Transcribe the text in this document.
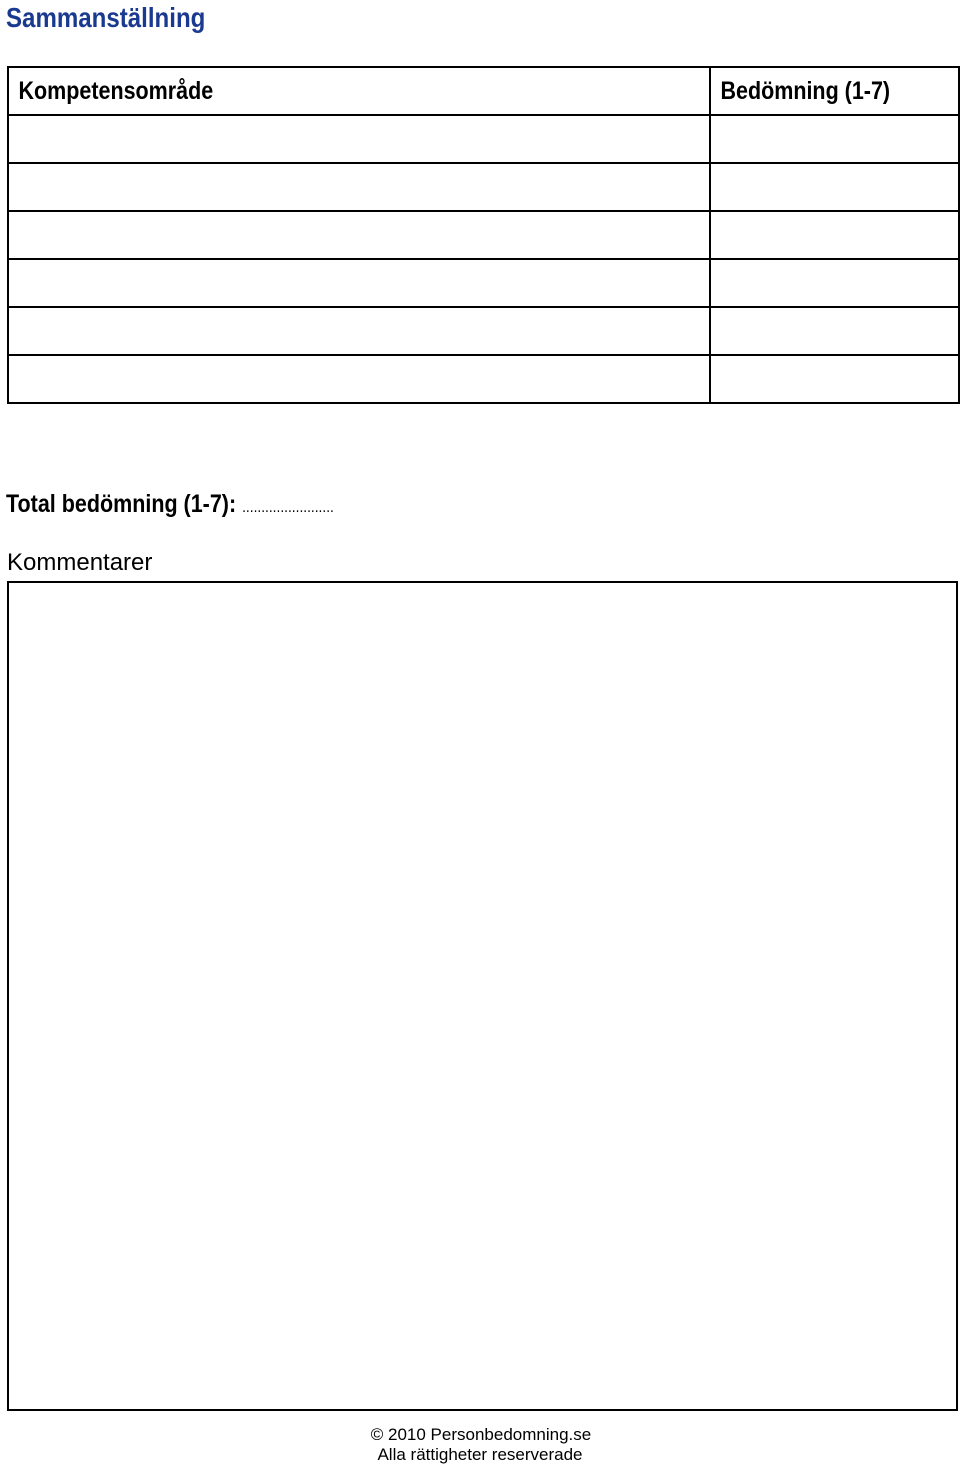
Sammanställning
Kompetensområde	Bedömning (1-7)

Total bedömning (1-7): ........................
Kommentarer
© 2010 Personbedomning.se
Alla rättigheter reserverade
